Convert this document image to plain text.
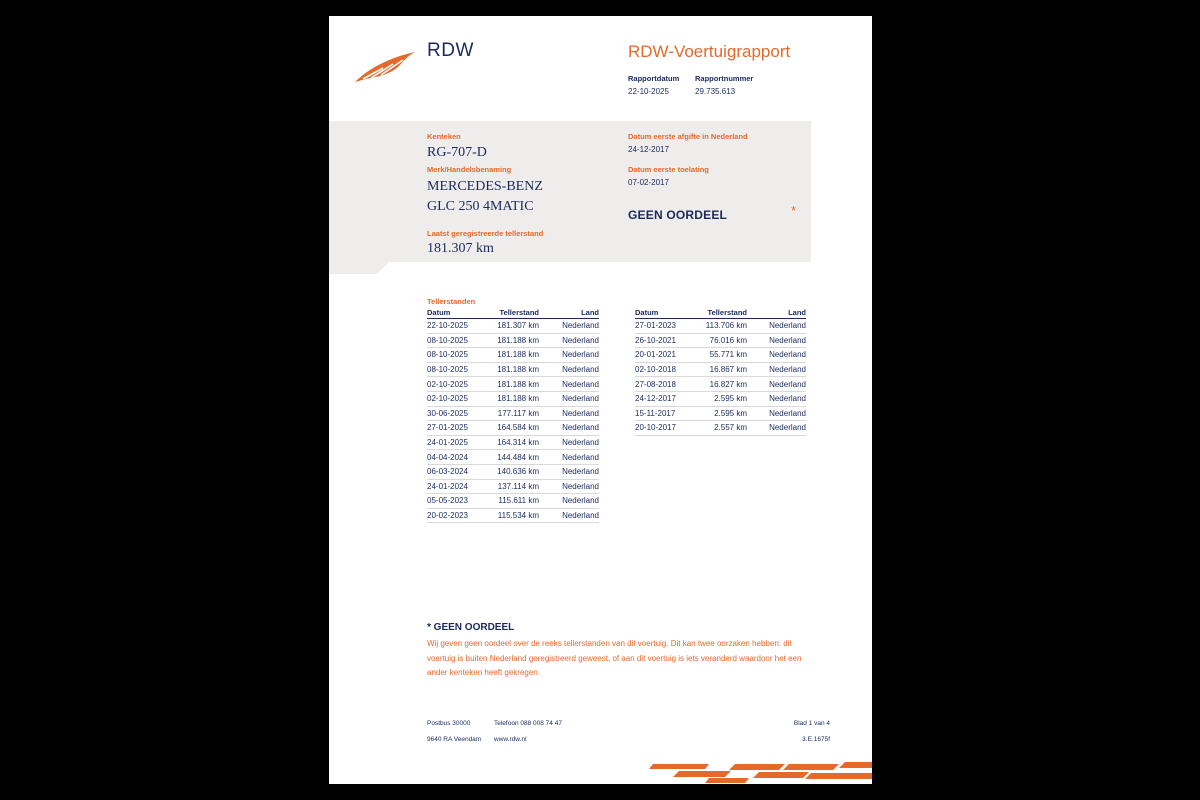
RDW	RDW-Voertuigrapport
Rapportdatum
22-10-2025
Rapportnummer
29.735.613
Kenteken
RG-707-D
Merk/Handelsbenaming
MERCEDES-BENZ
GLC 250 4MATIC
Laatst geregistreerde tellerstand
181.307 km
Datum eerste afgifte in Nederland
24-12-2017
Datum eerste toelating
07-02-2017
GEEN OORDEEL	*
Tellerstanden
Datum	Tellerstand	Land
22-10-2025	181.307 km	Nederland
08-10-2025	181.188 km	Nederland
08-10-2025	181.188 km	Nederland
08-10-2025	181.188 km	Nederland
02-10-2025	181.188 km	Nederland
02-10-2025	181.188 km	Nederland
30-06-2025	177.117 km	Nederland
27-01-2025	164.584 km	Nederland
24-01-2025	164.314 km	Nederland
04-04-2024	144.484 km	Nederland
06-03-2024	140.636 km	Nederland
24-01-2024	137.114 km	Nederland
05-05-2023	115.611 km	Nederland
20-02-2023	115.534 km	Nederland
Datum	Tellerstand	Land
27-01-2023	113.706 km	Nederland
26-10-2021	76.016 km	Nederland
20-01-2021	55.771 km	Nederland
02-10-2018	16.867 km	Nederland
27-08-2018	16.827 km	Nederland
24-12-2017	2.595 km	Nederland
15-11-2017	2.595 km	Nederland
20-10-2017	2.557 km	Nederland
* GEEN OORDEEL
Wij geven geen oordeel over de reeks tellerstanden van dit voertuig. Dit kan twee oorzaken hebben: dit voertuig is buiten Nederland geregistreerd geweest, of aan dit voertuig is iets veranderd waardoor het een ander kenteken heeft gekregen.
Postbus 30000
9640 RA Veendam
Telefoon 088 008 74 47
www.rdw.nl
Blad 1 van 4
3.E.1675f
